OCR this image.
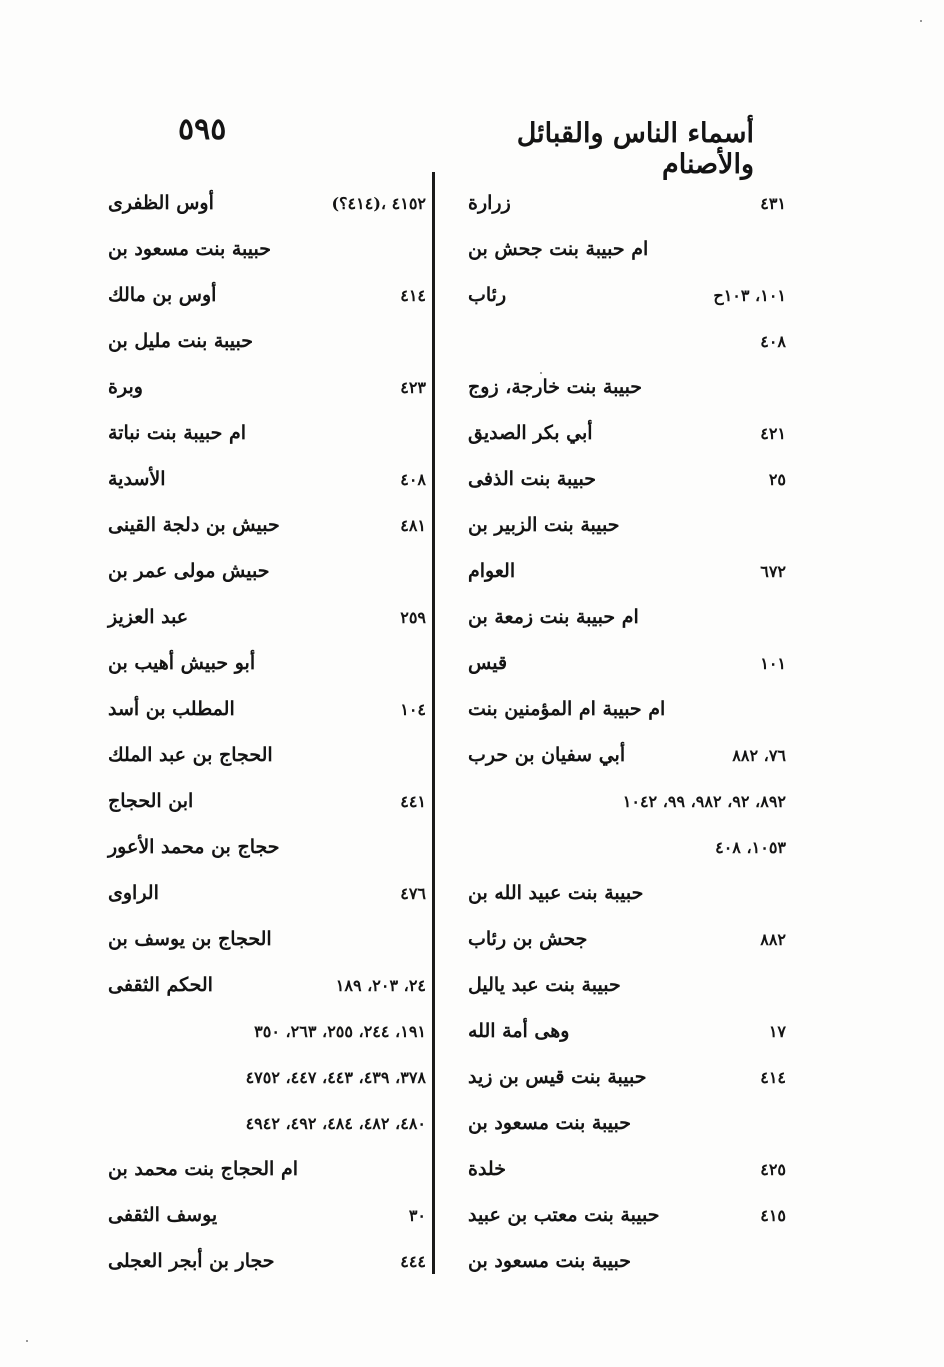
أسماء الناس والقبائل والأصنام
٥٩٥
زرارة	٤٣١
ام حبيبة بنت جحش بن
رئاب	١٠١، ١٠٣ح
٤٠٨
حبيبة بنت خارجة، زوج
أبي بكر الصديق	٤٢١
حبيبة بنت الذفى	٢٥
حبيبة بنت الزبير بن
العوام	٦٧٢
ام حبيبة بنت زمعة بن
قيس	١٠١
ام حبيبة ام المؤمنين بنت
أبي سفيان بن حرب	٧٦، ٨٨٢
٨٩٢، ٩٢، ٩٨٢، ٩٩، ١٠٤٢
١٠٥٣، ٤٠٨
حبيبة بنت عبيد الله بن
جحش بن رئاب	٨٨٢
حبيبة بنت عبد ياليل
وهى أمة الله	١٧
حبيبة بنت قيس بن زيد	٤١٤
حبيبة بنت مسعود بن
خلدة	٤٢٥
حبيبة بنت معتب بن عبيد	٤١٥
حبيبة بنت مسعود بن
أوس الظفرى	(٤١٤؟)، ٤١٥٢
حبيبة بنت مسعود بن
أوس بن مالك	٤١٤
حبيبة بنت مليل بن
وبرة	٤٢٣
ام حبيبة بنت نباتة
الأسدية	٤٠٨
حبيش بن دلجة القينى	٤٨١
حبيش مولى عمر بن
عبد العزيز	٢٥٩
أبو حبيش أهيب بن
المطلب بن أسد	١٠٤
الحجاج بن عبد الملك
ابن الحجاج	٤٤١
حجاج بن محمد الأعور
الراوى	٤٧٦
الحجاج بن يوسف بن
الحكم الثقفى	٢٤، ٢٠٣، ١٨٩
١٩١، ٢٤٤، ٢٥٥، ٢٦٣، ٣٥٠
٣٧٨، ٤٣٩، ٤٤٣، ٤٤٧، ٤٧٥٢
٤٨٠، ٤٨٢، ٤٨٤، ٤٩٢، ٤٩٤٢
ام الحجاج بنت محمد بن
يوسف الثقفى	٣٠
حجار بن أبجر العجلى	٤٤٤
